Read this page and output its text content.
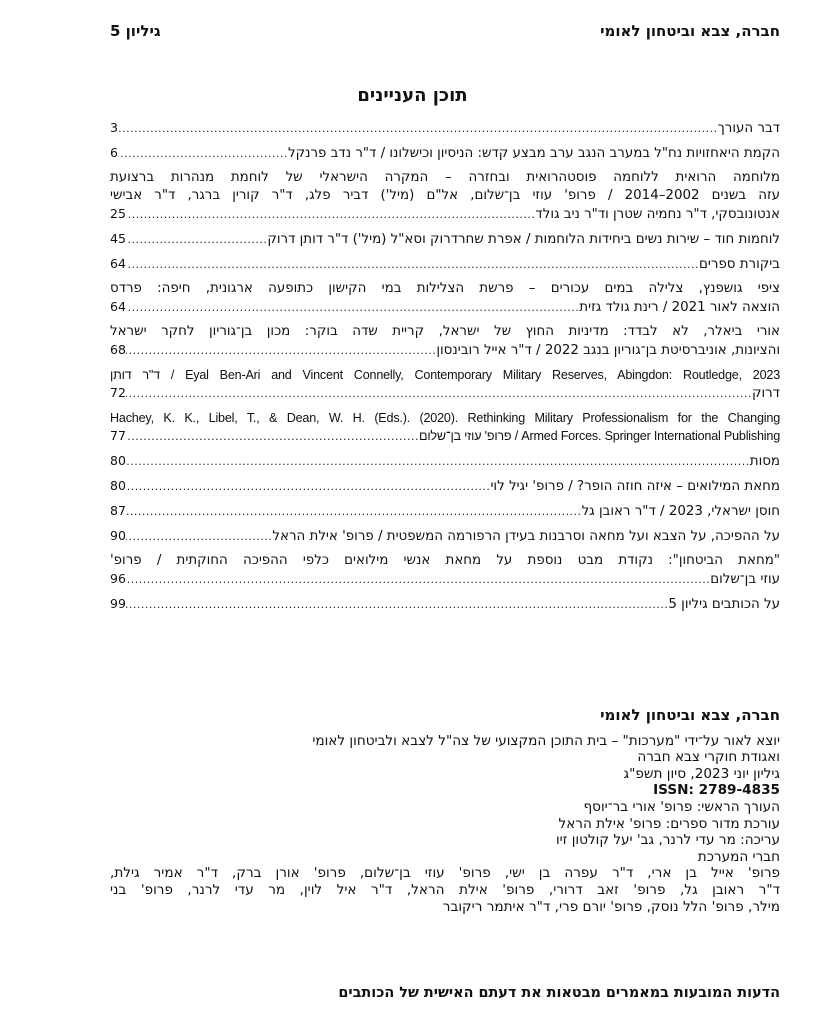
חברה, צבא וביטחון לאומי
גיליון 5
תוכן העניינים
דבר העורך
.....
3
הקמת היאחזויות נח"ל במערב הנגב ערב מבצע קדש: הניסיון וכישלונו / ד"ר נדב פרנקל
.....
6
מלוחמה הרואית ללוחמה פוסטהרואית ובחזרה – המקרה הישראלי של לוחמת מנהרות ברצועת
עזה בשנים 2002–2014 / פרופ' עוזי בן־שלום, אל"ם (מיל') דביר פלג, ד"ר קורין ברגר, ד"ר אבישי
אנטונובסקי, ד"ר נחמיה שטרן וד"ר ניב גולד
.....
25
לוחמות חוד – שירות נשים ביחידות הלוחמות / אפרת שחרדרוק וסא"ל (מיל') ד"ר דותן דרוק
.....
45
ביקורת ספרים
.....
64
ציפי גושפנץ, צלילה במים עכורים – פרשת הצלילות במי הקישון כתופעה ארגונית, חיפה: פרדס
הוצאה לאור 2021 / רינת גולד גזית
.....
64
אורי ביאלר, לא לבדד: מדיניות החוץ של ישראל, קריית שדה בוקר: מכון בן־גוריון לחקר ישראל
והציונות, אוניברסיטת בן־גוריון בנגב 2022 / ד"ר אייל רובינסון
.....
68
Eyal Ben-Ari and Vincent Connelly, Contemporary Military Reserves, Abingdon: Routledge, 2023 / ד"ר דותן
דרוק
.....
72
Hachey, K. K., Libel, T., & Dean, W. H. (Eds.). (2020). Rethinking Military Professionalism for the Changing
Armed Forces. Springer International Publishing / פרופ' עוזי בן־שלום
.....
77
מסות
.....
80
מחאת המילואים – איזה חוזה הופר? / פרופ' יגיל לוי
.....
80
חוסן ישראלי, 2023 / ד"ר ראובן גל
.....
87
על ההפיכה, על הצבא ועל מחאה וסרבנות בעידן הרפורמה המשפטית / פרופ' אילת הראל
.....
90
"מחאת הביטחון": נקודת מבט נוספת על מחאת אנשי מילואים כלפי ההפיכה החוקתית / פרופ'
עוזי בן־שלום
.....
96
על הכותבים גיליון 5
.....
99
חברה, צבא וביטחון לאומי
יוצא לאור על־ידי "מערכות" – בית התוכן המקצועי של צה"ל לצבא ולביטחון לאומי
ואגודת חוקרי צבא חברה
גיליון יוני 2023, סיון תשפ"ג
ISSN: 2789-4835
העורך הראשי: פרופ' אורי בר־יוסף
עורכת מדור ספרים: פרופ' אילת הראל
עריכה: מר עדי לרנר, גב' יעל קולטון זיו
חברי המערכת
פרופ' אייל בן ארי, ד"ר עפרה בן ישי, פרופ' עוזי בן־שלום, פרופ' אורן ברק, ד"ר אמיר גילת,
ד"ר ראובן גל, פרופ' זאב דרורי, פרופ' אילת הראל, ד"ר איל לוין, מר עדי לרנר, פרופ' בני
מילר, פרופ' הלל נוסק, פרופ' יורם פרי, ד"ר איתמר ריקובר
הדעות המובעות במאמרים מבטאות את דעתם האישית של הכותבים
